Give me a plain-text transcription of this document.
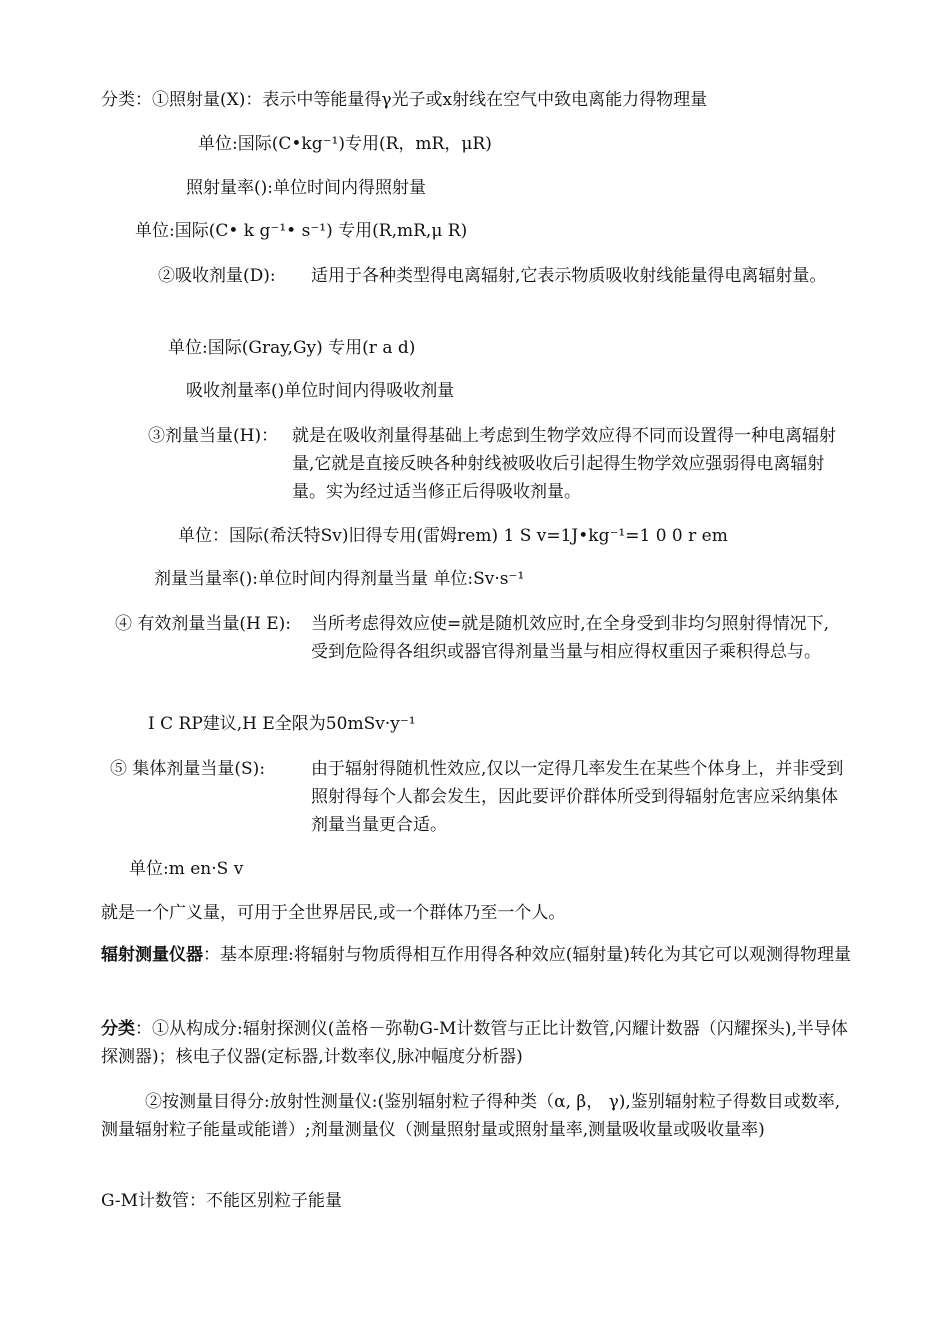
分类：①照射量(X)：表示中等能量得γ光子或x射线在空气中致电离能力得物理量
单位:国际(C•kg⁻¹)专用(R，mR，μR)
照射量率():单位时间内得照射量
单位:国际(C• k g⁻¹• s⁻¹) 专用(R,mR,μ R)
②吸收剂量(D): 适用于各种类型得电离辐射,它表示物质吸收射线能量得电离辐射量。
单位:国际(Gray,Gy) 专用(r a d)
吸收剂量率()单位时间内得吸收剂量
③剂量当量(H)： 就是在吸收剂量得基础上考虑到生物学效应得不同而设置得一种电离辐射量,它就是直接反映各种射线被吸收后引起得生物学效应强弱得电离辐射量。实为经过适当修正后得吸收剂量。
单位：国际(希沃特Sv)旧得专用(雷姆rem) 1 S v=1J•kg⁻¹=1 0 0 r em
剂量当量率():单位时间内得剂量当量 单位:Sv·s⁻¹
④ 有效剂量当量(H E): 当所考虑得效应使=就是随机效应时,在全身受到非均匀照射得情况下,受到危险得各组织或器官得剂量当量与相应得权重因子乘积得总与。
I C RP建议,H E全限为50mSv·y⁻¹
⑤ 集体剂量当量(S):	由于辐射得随机性效应,仅以一定得几率发生在某些个体身上，并非受到照射得每个人都会发生，因此要评价群体所受到得辐射危害应采纳集体剂量当量更合适。
单位:m en·S v
就是一个广义量，可用于全世界居民,或一个群体乃至一个人。
辐射测量仪器：基本原理:将辐射与物质得相互作用得各种效应(辐射量)转化为其它可以观测得物理量
分类：①从构成分:辐射探测仪(盖格－弥勒G-M计数管与正比计数管,闪耀计数器（闪耀探头),半导体探测器)；核电子仪器(定标器,计数率仪,脉冲幅度分析器)
②按测量目得分:放射性测量仪:(鉴别辐射粒子得种类（α, β， γ),鉴别辐射粒子得数目或数率,测量辐射粒子能量或能谱）;剂量测量仪（测量照射量或照射量率,测量吸收量或吸收量率)
G-M计数管：不能区别粒子能量
